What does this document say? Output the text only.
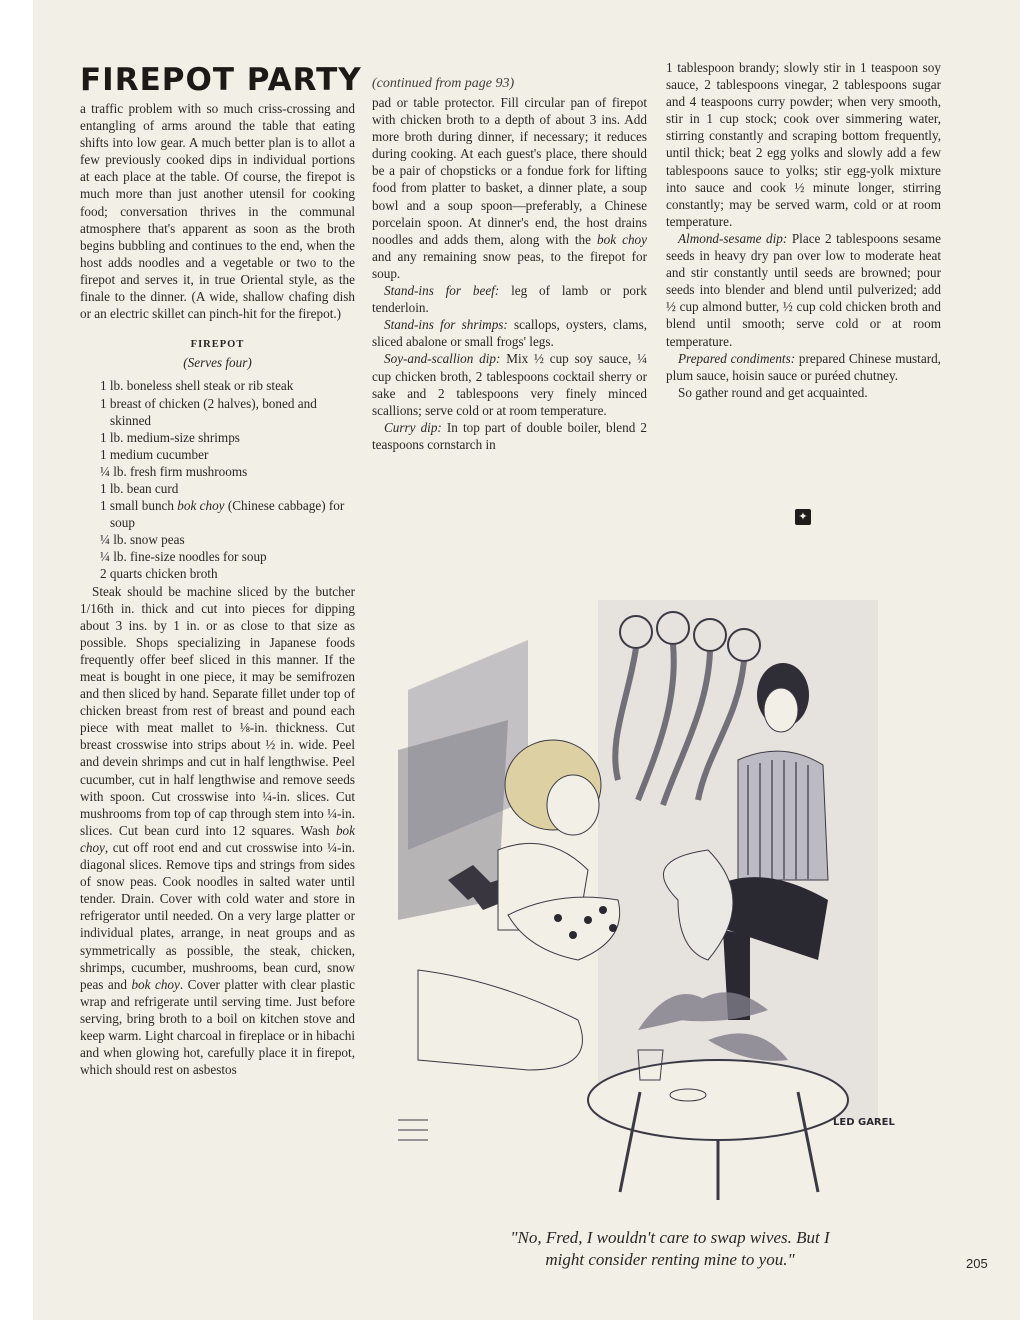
FIREPOT PARTY (continued from page 93)

a traffic problem with so much criss-crossing and entangling of arms around the table that eating shifts into low gear. A much better plan is to allot a few previously cooked dips in individual portions at each place at the table. Of course, the firepot is much more than just another utensil for cooking food; conversation thrives in the communal atmosphere that's apparent as soon as the broth begins bubbling and continues to the end, when the host adds noodles and a vegetable or two to the firepot and serves it, in true Oriental style, as the finale to the dinner. (A wide, shallow chafing dish or an electric skillet can pinch-hit for the firepot.)

FIREPOT
(Serves four)
1 lb. boneless shell steak or rib steak
1 breast of chicken (2 halves), boned and skinned
1 lb. medium-size shrimps
1 medium cucumber
¼ lb. fresh firm mushrooms
1 lb. bean curd
1 small bunch bok choy (Chinese cabbage) for soup
¼ lb. snow peas
¼ lb. fine-size noodles for soup
2 quarts chicken broth

Steak should be machine sliced by the butcher 1/16th in. thick and cut into pieces for dipping about 3 ins. by 1 in. or as close to that size as possible. Shops specializing in Japanese foods frequently offer beef sliced in this manner. If the meat is bought in one piece, it may be semifrozen and then sliced by hand. Separate fillet under top of chicken breast from rest of breast and pound each piece with meat mallet to ⅛-in. thickness. Cut breast crosswise into strips about ½ in. wide. Peel and devein shrimps and cut in half lengthwise. Peel cucumber, cut in half lengthwise and remove seeds with spoon. Cut crosswise into ¼-in. slices. Cut mushrooms from top of cap through stem into ¼-in. slices. Cut bean curd into 12 squares. Wash bok choy, cut off root end and cut crosswise into ¼-in. diagonal slices. Remove tips and strings from sides of snow peas. Cook noodles in salted water until tender. Drain. Cover with cold water and store in refrigerator until needed. On a very large platter or individual plates, arrange, in neat groups and as symmetrically as possible, the steak, chicken, shrimps, cucumber, mushrooms, bean curd, snow peas and bok choy. Cover platter with clear plastic wrap and refrigerate until serving time. Just before serving, bring broth to a boil on kitchen stove and keep warm. Light charcoal in fireplace or in hibachi and when glowing hot, carefully place it in firepot, which should rest on asbestos

pad or table protector. Fill circular pan of firepot with chicken broth to a depth of about 3 ins. Add more broth during dinner, if necessary; it reduces during cooking. At each guest's place, there should be a pair of chopsticks or a fondue fork for lifting food from platter to basket, a dinner plate, a soup bowl and a soup spoon—preferably, a Chinese porcelain spoon. At dinner's end, the host drains noodles and adds them, along with the bok choy and any remaining snow peas, to the firepot for soup.

Stand-ins for beef: leg of lamb or pork tenderloin.

Stand-ins for shrimps: scallops, oysters, clams, sliced abalone or small frogs' legs.

Soy-and-scallion dip: Mix ½ cup soy sauce, ¼ cup chicken broth, 2 tablespoons cocktail sherry or sake and 2 tablespoons very finely minced scallions; serve cold or at room temperature.

Curry dip: In top part of double boiler, blend 2 teaspoons cornstarch in

1 tablespoon brandy; slowly stir in 1 teaspoon soy sauce, 2 tablespoons vinegar, 2 tablespoons sugar and 4 teaspoons curry powder; when very smooth, stir in 1 cup stock; cook over simmering water, stirring constantly and scraping bottom frequently, until thick; beat 2 egg yolks and slowly add a few tablespoons sauce to yolks; stir egg-yolk mixture into sauce and cook ½ minute longer, stirring constantly; may be served warm, cold or at room temperature.

Almond-sesame dip: Place 2 tablespoons sesame seeds in heavy dry pan over low to moderate heat and stir constantly until seeds are browned; pour seeds into blender and blend until pulverized; add ½ cup almond butter, ½ cup cold chicken broth and blend until smooth; serve cold or at room temperature.

Prepared condiments: prepared Chinese mustard, plum sauce, hoisin sauce or puréed chutney.

So gather round and get acquainted.

✦
LED GAREL
"No, Fred, I wouldn't care to swap wives. But I
might consider renting mine to you."	205
